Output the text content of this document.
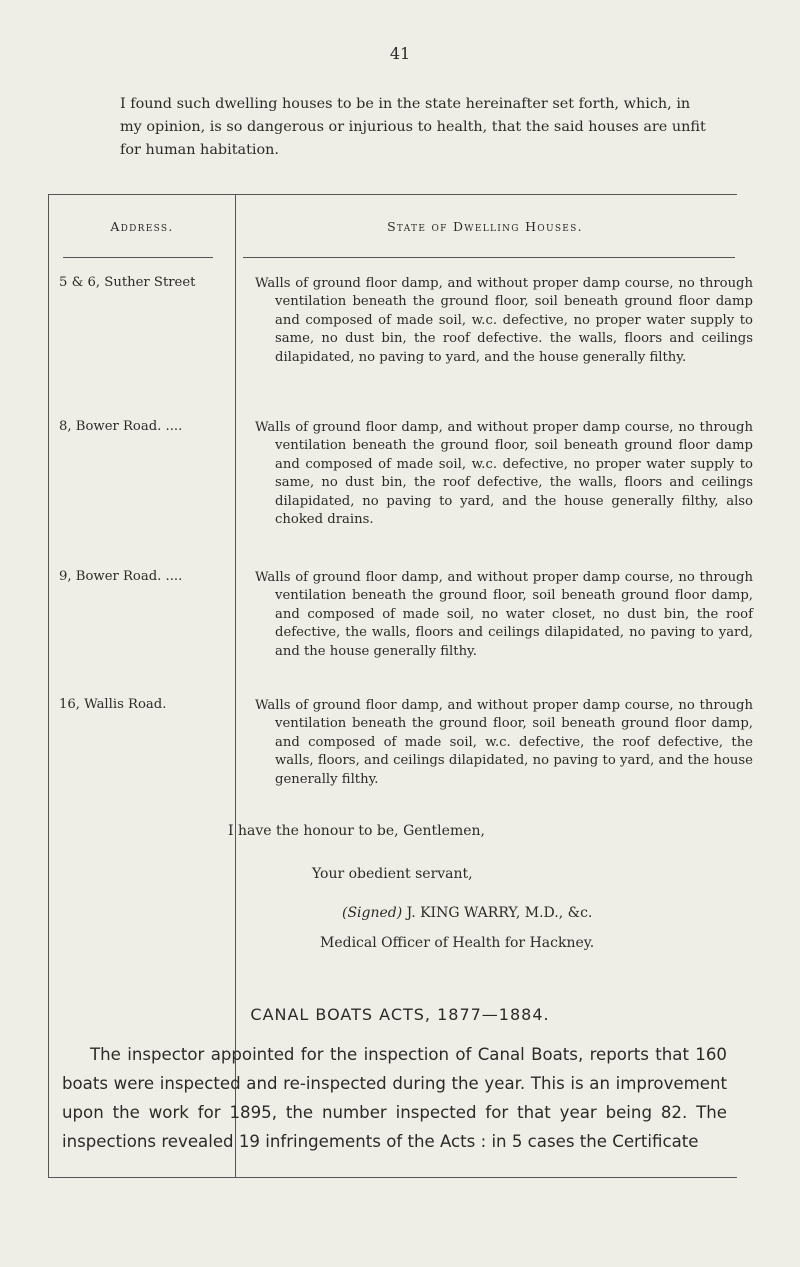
41

I found such dwelling houses to be in the state hereinafter set forth, which, in my opinion, is so dangerous or injurious to health, that the said houses are unfit for human habitation.

Address.	State of Dwelling Houses.
5 & 6, Suther Street	Walls of ground floor damp, and without proper damp course, no through ventilation beneath the ground floor, soil beneath ground floor damp and composed of made soil, w.c. defective, no proper water supply to same, no dust bin, the roof defective. the walls, floors and ceilings dilapidated, no paving to yard, and the house generally filthy.
8, Bower Road. ....	Walls of ground floor damp, and without proper damp course, no through ventilation beneath the ground floor, soil beneath ground floor damp and composed of made soil, w.c. defective, no proper water supply to same, no dust bin, the roof defective, the walls, floors and ceilings dilapidated, no paving to yard, and the house generally filthy, also choked drains.
9, Bower Road. ....	Walls of ground floor damp, and without proper damp course, no through ventilation beneath the ground floor, soil beneath ground floor damp, and composed of made soil, no water closet, no dust bin, the roof defective, the walls, floors and ceilings dilapidated, no paving to yard, and the house generally filthy.
16, Wallis Road.	Walls of ground floor damp, and without proper damp course, no through ventilation beneath the ground floor, soil beneath ground floor damp, and composed of made soil, w.c. defective, the roof defective, the walls, floors, and ceilings dilapidated, no paving to yard, and the house generally filthy.
I have the honour to be, Gentlemen,
Your obedient servant,
(Signed) J. KING WARRY, M.D., &c.
Medical Officer of Health for Hackney.
CANAL BOATS ACTS, 1877—1884.

The inspector appointed for the inspection of Canal Boats, reports that 160 boats were inspected and re-inspected during the year. This is an improvement upon the work for 1895, the number inspected for that year being 82. The inspections revealed 19 infringements of the Acts : in 5 cases the Certificate
